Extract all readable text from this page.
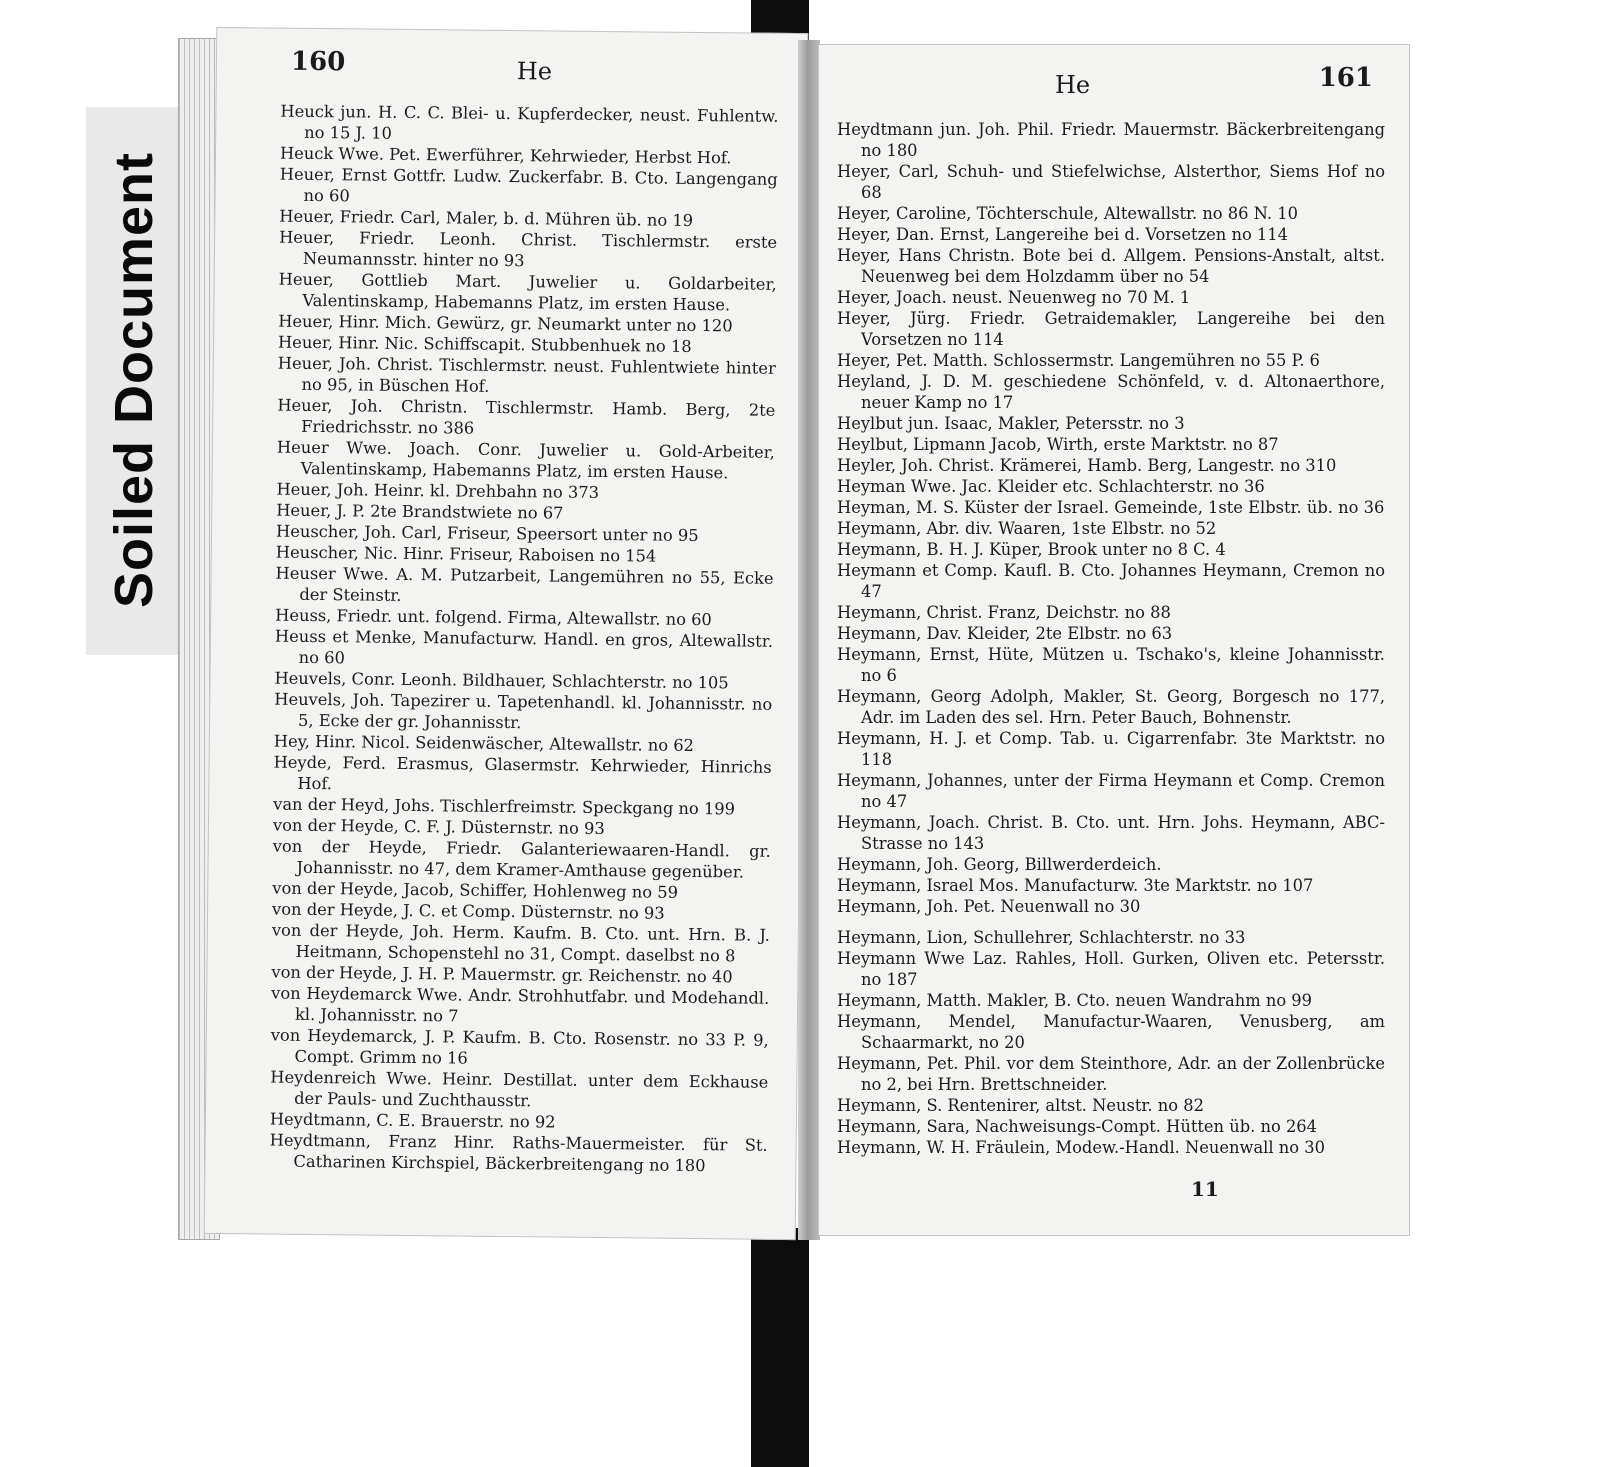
Soiled Document
160	He

Heuck jun. H. C. C. Blei- u. Kupferdecker, neust. Fuhlentw. no 15 J. 10

Heuck Wwe. Pet. Ewerführer, Kehrwieder, Herbst Hof.

Heuer, Ernst Gottfr. Ludw. Zuckerfabr. B. Cto. Langengang no 60

Heuer, Friedr. Carl, Maler, b. d. Mühren üb. no 19

Heuer, Friedr. Leonh. Christ. Tischlermstr. erste Neumannsstr. hinter no 93

Heuer, Gottlieb Mart. Juwelier u. Goldarbeiter, Valentinskamp, Habemanns Platz, im ersten Hause.

Heuer, Hinr. Mich. Gewürz, gr. Neumarkt unter no 120

Heuer, Hinr. Nic. Schiffscapit. Stubbenhuek no 18

Heuer, Joh. Christ. Tischlermstr. neust. Fuhlentwiete hinter no 95, in Büschen Hof.

Heuer, Joh. Christn. Tischlermstr. Hamb. Berg, 2te Friedrichsstr. no 386

Heuer Wwe. Joach. Conr. Juwelier u. Gold-Arbeiter, Valentinskamp, Habemanns Platz, im ersten Hause.

Heuer, Joh. Heinr. kl. Drehbahn no 373

Heuer, J. P. 2te Brandstwiete no 67

Heuscher, Joh. Carl, Friseur, Speersort unter no 95

Heuscher, Nic. Hinr. Friseur, Raboisen no 154

Heuser Wwe. A. M. Putzarbeit, Langemühren no 55, Ecke der Steinstr.

Heuss, Friedr. unt. folgend. Firma, Altewallstr. no 60

Heuss et Menke, Manufacturw. Handl. en gros, Altewallstr. no 60

Heuvels, Conr. Leonh. Bildhauer, Schlachterstr. no 105

Heuvels, Joh. Tapezirer u. Tapetenhandl. kl. Johannisstr. no 5, Ecke der gr. Johannisstr.

Hey, Hinr. Nicol. Seidenwäscher, Altewallstr. no 62

Heyde, Ferd. Erasmus, Glasermstr. Kehrwieder, Hinrichs Hof.

van der Heyd, Johs. Tischlerfreimstr. Speckgang no 199

von der Heyde, C. F. J. Düsternstr. no 93

von der Heyde, Friedr. Galanteriewaaren-Handl. gr. Johannisstr. no 47, dem Kramer-Amthause gegenüber.

von der Heyde, Jacob, Schiffer, Hohlenweg no 59

von der Heyde, J. C. et Comp. Düsternstr. no 93

von der Heyde, Joh. Herm. Kaufm. B. Cto. unt. Hrn. B. J. Heitmann, Schopenstehl no 31, Compt. daselbst no 8

von der Heyde, J. H. P. Mauermstr. gr. Reichenstr. no 40

von Heydemarck Wwe. Andr. Strohhutfabr. und Modehandl. kl. Johannisstr. no 7

von Heydemarck, J. P. Kaufm. B. Cto. Rosenstr. no 33 P. 9, Compt. Grimm no 16

Heydenreich Wwe. Heinr. Destillat. unter dem Eckhause der Pauls- und Zuchthausstr.

Heydtmann, C. E. Brauerstr. no 92

Heydtmann, Franz Hinr. Raths-Mauermeister. für St. Catharinen Kirchspiel, Bäckerbreitengang no 180

He	161

Heydtmann jun. Joh. Phil. Friedr. Mauermstr. Bäckerbreitengang no 180

Heyer, Carl, Schuh- und Stiefelwichse, Alsterthor, Siems Hof no 68

Heyer, Caroline, Töchterschule, Altewallstr. no 86 N. 10

Heyer, Dan. Ernst, Langereihe bei d. Vorsetzen no 114

Heyer, Hans Christn. Bote bei d. Allgem. Pensions-Anstalt, altst. Neuenweg bei dem Holzdamm über no 54

Heyer, Joach. neust. Neuenweg no 70 M. 1

Heyer, Jürg. Friedr. Getraidemakler, Langereihe bei den Vorsetzen no 114

Heyer, Pet. Matth. Schlossermstr. Langemühren no 55 P. 6

Heyland, J. D. M. geschiedene Schönfeld, v. d. Altonaerthore, neuer Kamp no 17

Heylbut jun. Isaac, Makler, Petersstr. no 3

Heylbut, Lipmann Jacob, Wirth, erste Marktstr. no 87

Heyler, Joh. Christ. Krämerei, Hamb. Berg, Langestr. no 310

Heyman Wwe. Jac. Kleider etc. Schlachterstr. no 36

Heyman, M. S. Küster der Israel. Gemeinde, 1ste Elbstr. üb. no 36

Heymann, Abr. div. Waaren, 1ste Elbstr. no 52

Heymann, B. H. J. Küper, Brook unter no 8 C. 4

Heymann et Comp. Kaufl. B. Cto. Johannes Heymann, Cremon no 47

Heymann, Christ. Franz, Deichstr. no 88

Heymann, Dav. Kleider, 2te Elbstr. no 63

Heymann, Ernst, Hüte, Mützen u. Tschako's, kleine Johannisstr. no 6

Heymann, Georg Adolph, Makler, St. Georg, Borgesch no 177, Adr. im Laden des sel. Hrn. Peter Bauch, Bohnenstr.

Heymann, H. J. et Comp. Tab. u. Cigarrenfabr. 3te Marktstr. no 118

Heymann, Johannes, unter der Firma Heymann et Comp. Cremon no 47

Heymann, Joach. Christ. B. Cto. unt. Hrn. Johs. Heymann, ABC-Strasse no 143

Heymann, Joh. Georg, Billwerderdeich.

Heymann, Israel Mos. Manufacturw. 3te Marktstr. no 107

Heymann, Joh. Pet. Neuenwall no 30

Heymann, Lion, Schullehrer, Schlachterstr. no 33

Heymann Wwe Laz. Rahles, Holl. Gurken, Oliven etc. Petersstr. no 187

Heymann, Matth. Makler, B. Cto. neuen Wandrahm no 99

Heymann, Mendel, Manufactur-Waaren, Venusberg, am Schaarmarkt, no 20

Heymann, Pet. Phil. vor dem Steinthore, Adr. an der Zollenbrücke no 2, bei Hrn. Brettschneider.

Heymann, S. Rentenirer, altst. Neustr. no 82

Heymann, Sara, Nachweisungs-Compt. Hütten üb. no 264

Heymann, W. H. Fräulein, Modew.-Handl. Neuenwall no 30

11
